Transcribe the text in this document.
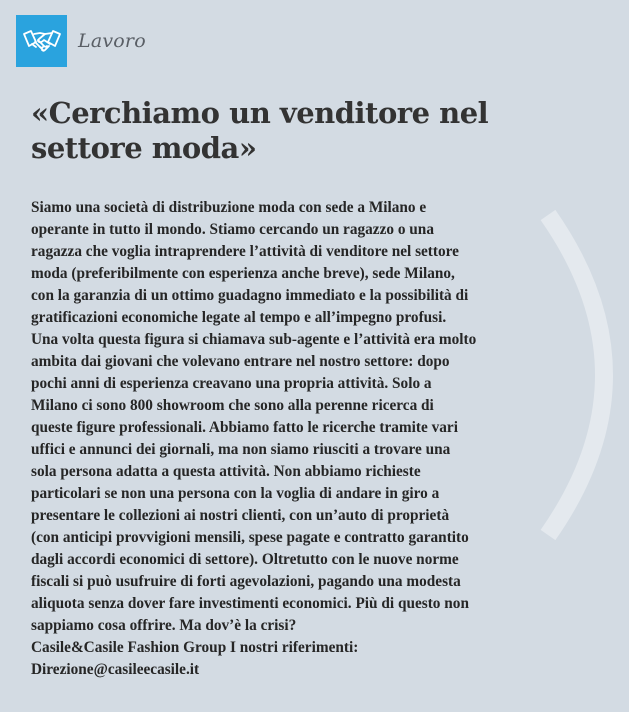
Lavoro
«Cerchiamo un venditore nel settore moda»
Siamo una società di distribuzione moda con sede a Milano e
operante in tutto il mondo. Stiamo cercando un ragazzo o una
ragazza che voglia intraprendere l’attività di venditore nel settore
moda (preferibilmente con esperienza anche breve), sede Milano,
con la garanzia di un ottimo guadagno immediato e la possibilità di
gratificazioni economiche legate al tempo e all’impegno profusi.
Una volta questa figura si chiamava sub-agente e l’attività era molto
ambita dai giovani che volevano entrare nel nostro settore: dopo
pochi anni di esperienza creavano una propria attività. Solo a
Milano ci sono 800 showroom che sono alla perenne ricerca di
queste figure professionali. Abbiamo fatto le ricerche tramite vari
uffici e annunci dei giornali, ma non siamo riusciti a trovare una
sola persona adatta a questa attività. Non abbiamo richieste
particolari se non una persona con la voglia di andare in giro a
presentare le collezioni ai nostri clienti, con un’auto di proprietà
(con anticipi provvigioni mensili, spese pagate e contratto garantito
dagli accordi economici di settore). Oltretutto con le nuove norme
fiscali si può usufruire di forti agevolazioni, pagando una modesta
aliquota senza dover fare investimenti economici. Più di questo non
sappiamo cosa offrire. Ma dov’è la crisi?
Casile&Casile Fashion Group I nostri riferimenti:
Direzione@casileecasile.it
